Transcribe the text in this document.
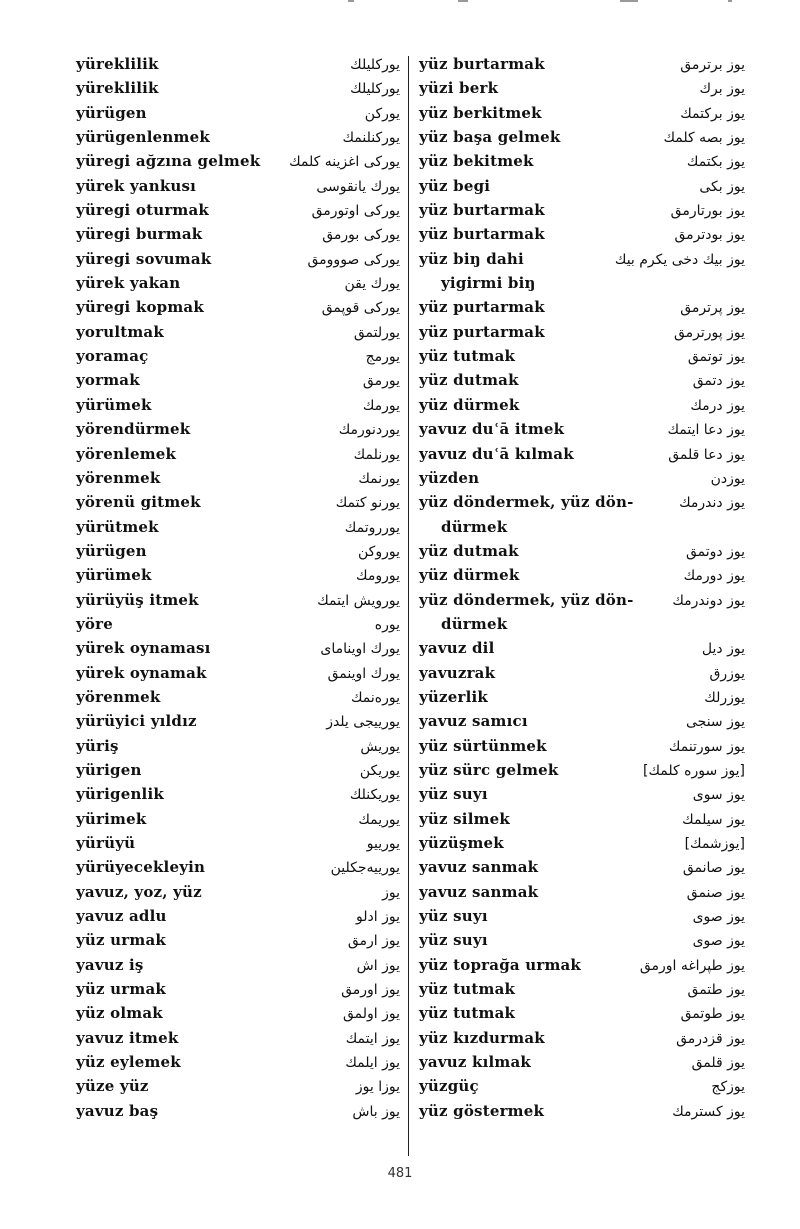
yüreklilik	یورکلیلك
yüreklilik	یورکلیلك
yürügen	یورکن
yürügenlenmek	یورکنلنمك
yüregi ağzına gelmek یورکی اغزینه کلمك
yürek yankusı	یورك یانقوسی
yüregi oturmak	یورکی اوتورمق
yüregi burmak	یورکی بورمق
yüregi sovumak	یورکی صووومق
yürek yakan	یورك یقن
yüregi kopmak	یورکی قوپمق
yorultmak	یورلتمق
yoramaç	یورمج
yormak	یورمق
yürümek	یورمك
yörendürmek	یوردنورمك
yörenlemek	یورنلمك
yörenmek	یورنمك
yörenü gitmek	یورنو کتمك
yürütmek	یورروتمك
yürügen	یوروکن
yürümek	یورومك
yürüyüş itmek	یورویش ایتمك
yöre	یوره
yürek oynaması	یورك اوینامای
yürek oynamak	یورك اوینمق
yörenmek	یورەنمك
yürüyici yıldız	یورییجی یلدز
yüriş	یوریش
yürigen	یوریکن
yürigenlik	یوریکنلك
yürimek	یوریمك
yürüyü	یورییو
yürüyecekleyin	یورییەجکلین
yavuz, yoz, yüz	یوز
yavuz adlu	یوز ادلو
yüz urmak	یوز ارمق
yavuz iş	یوز اش
yüz urmak	یوز اورمق
yüz olmak	یوز اولمق
yavuz itmek	یوز ایتمك
yüz eylemek	یوز ایلمك
yüze yüz	یوزا یوز
yavuz baş	یوز باش
yüz burtarmak	یوز برترمق
yüzi berk	یوز برك
yüz berkitmek	یوز برکتمك
yüz başa gelmek	یوز بصه کلمك
yüz bekitmek	یوز بکتمك
yüz begi	یوز بکی
yüz burtarmak	یوز بورتارمق
yüz burtarmak	یوز بودترمق
yüz biŋ dahi	یوز بیك دخی یکرم بیك
yigirmi biŋ
yüz purtarmak	یوز پرترمق
yüz purtarmak	یوز پورترمق
yüz tutmak	یوز توتمق
yüz dutmak	یوز دتمق
yüz dürmek	یوز درمك
yavuz duʿā itmek	یوز دعا ایتمك
yavuz duʿā kılmak	یوز دعا قلمق
yüzden	یوزدن
yüz döndermek, yüz dön-	یوز دندرمك
dürmek
yüz dutmak	یوز دوتمق
yüz dürmek	یوز دورمك
yüz döndermek, yüz dön-	یوز دوندرمك
dürmek
yavuz dil	یوز دیل
yavuzrak	یوزرق
yüzerlik	یوزرلك
yavuz samıcı	یوز سنجی
yüz sürtünmek	یوز سورتنمك
yüz sürc gelmek	[یوز سوره کلمك]
yüz suyı	یوز سوی
yüz silmek	یوز سیلمك
yüzüşmek	[یوزشمك]
yavuz sanmak	یوز صانمق
yavuz sanmak	یوز صنمق
yüz suyı	یوز صوی
yüz suyı	یوز صوی
yüz toprağa urmak	یوز طپراغه اورمق
yüz tutmak	یوز طتمق
yüz tutmak	یوز طوتمق
yüz kızdurmak	یوز قزدرمق
yavuz kılmak	یوز قلمق
yüzgüç	یوزکج
yüz göstermek	یوز کسترمك
481
